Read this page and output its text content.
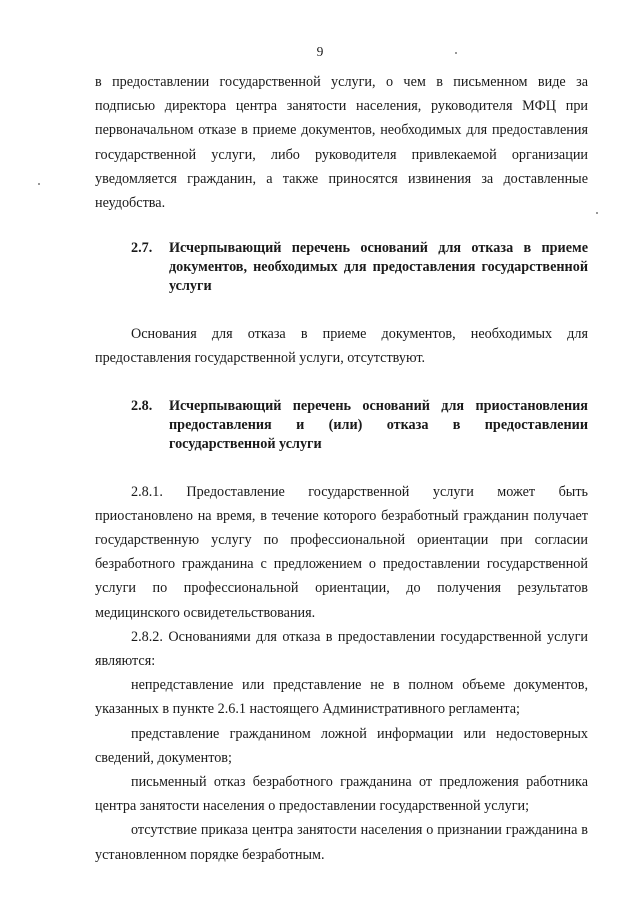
9

в предоставлении государственной услуги, о чем в письменном виде за подписью директора центра занятости населения, руководителя МФЦ при первоначальном отказе в приеме документов, необходимых для предоставления государственной услуги, либо руководителя привлекаемой организации уведомляется гражданин, а также приносятся извинения за доставленные неудобства.

2.7.	Исчерпывающий перечень оснований для отказа в приеме документов, необходимых для предоставления государственной услуги

Основания для отказа в приеме документов, необходимых для предоставления государственной услуги, отсутствуют.

2.8.	Исчерпывающий перечень оснований для приостановления предоставления и (или) отказа в предоставлении государственной услуги

2.8.1. Предоставление государственной услуги может быть приостановлено на время, в течение которого безработный гражданин получает государственную услугу по профессиональной ориентации при согласии безработного гражданина с предложением о предоставлении государственной услуги по профессиональной ориентации, до получения результатов медицинского освидетельствования.

2.8.2. Основаниями для отказа в предоставлении государственной услуги являются:

непредставление или представление не в полном объеме документов, указанных в пункте 2.6.1 настоящего Административного регламента;

представление гражданином ложной информации или недостоверных сведений, документов;

письменный отказ безработного гражданина от предложения работника центра занятости населения о предоставлении государственной услуги;

отсутствие приказа центра занятости населения о признании гражданина в установленном порядке безработным.
